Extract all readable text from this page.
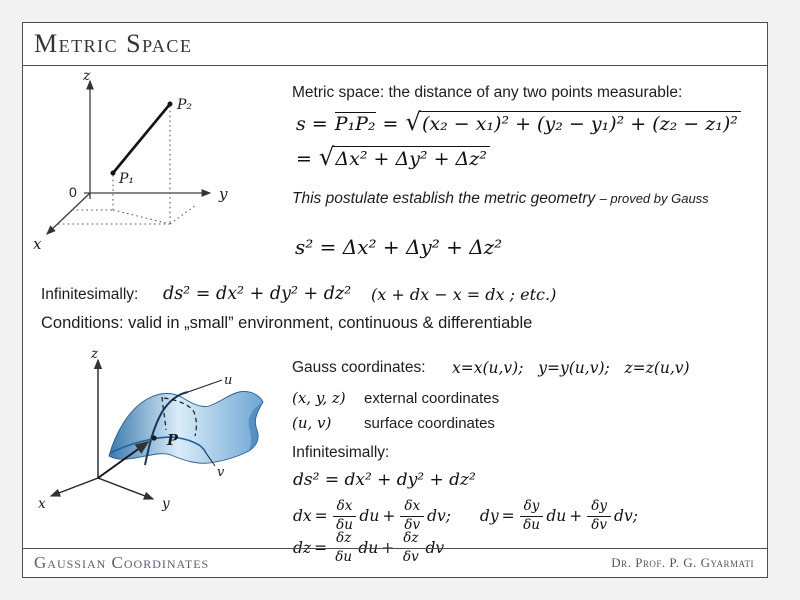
Metric Space
z
y
x
0
P₁
P₂
Metric space: the distance of any two points measurable:
s = P₁P₂ = √ (x₂ − x₁)² + (y₂ − y₁)² + (z₂ − z₁)²
= √ Δx² + Δy² + Δz²
This postulate establish the metric geometry – proved by Gauss
s² = Δx² + Δy² + Δz²
Infinitesimally: ds² = dx² + dy² + dz² (x + dx − x = dx ; etc.)
Conditions: valid in „small” environment, continuous & differentiable
z
x	y
u
v
P
Gauss coordinates: x=x(u,v);   y=y(u,v);   z=z(u,v)
(x, y, z) external coordinates
(u, v) surface coordinates
Infinitesimally:
ds² = dx² + dy² + dz²
dx = $\frac{\delta x}{\delta u}$ du + $\frac{\delta x}{\delta v}$ dv;
dy = $\frac{\delta y}{\delta u}$ du + $\frac{\delta y}{\delta v}$ dv;

dz = $\frac{\delta z}{\delta u}$ du + $\frac{\delta z}{\delta v}$ dv
Gaussian Coordinates	Dr. Prof. P. G. Gyarmati
